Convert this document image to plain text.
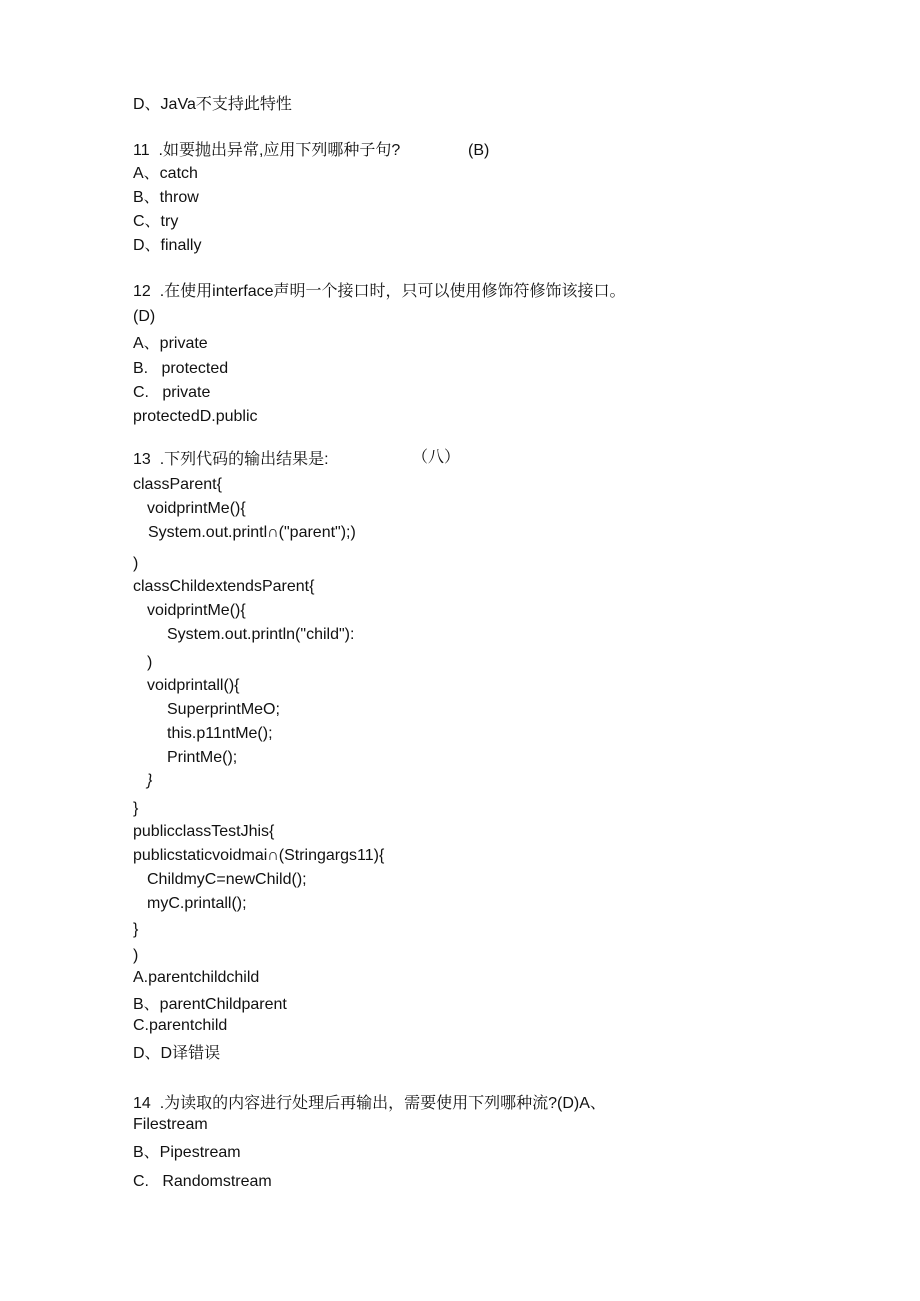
D、JaVa不支持此特性
11  .如要抛出异常,应用下列哪种子句?	(B)
A、catch
B、throw
C、try
D、finally
12  .在使用interface声明一个接口时，只可以使用修饰符修饰该接口。
(D)
A、private
B.   protected
C.   private
protectedD.public
13  .下列代码的输出结果是:	（八）
classParent{
voidprintMe(){
System.out.printl∩("parent");)
)
classChildextendsParent{
voidprintMe(){
System.out.println("child"):
)
voidprintall(){
SuperprintMeO;
this.p11ntMe();
PrintMe();
}
}
publicclassTestJhis{
publicstaticvoidmai∩(Stringargs11){
ChildmyC=newChild();
myC.printall();
}
)
A.parentchildchild
B、parentChildparent
C.parentchild
D、D译错误
14  .为读取的内容进行处理后再输出，需要使用下列哪种流?(D)A、
Filestream
B、Pipestream
C.   Randomstream
